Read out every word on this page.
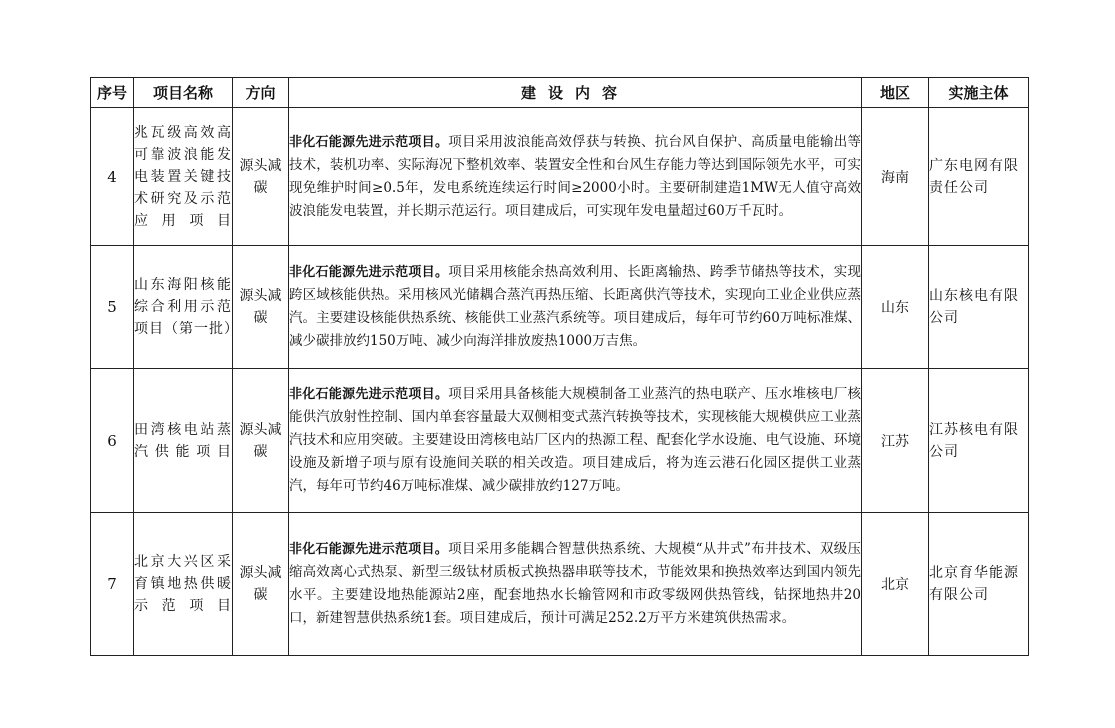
序号	项目名称	方向	建设内容	地区	实施主体
4	兆瓦级高效高可靠波浪能发电装置关键技术研究及示范应用项目	源头减碳	非化石能源先进示范项目。项目采用波浪能高效俘获与转换、抗台风自保护、高质量电能输出等技术，装机功率、实际海况下整机效率、装置安全性和台风生存能力等达到国际领先水平，可实现免维护时间≥0.5年，发电系统连续运行时间≥2000小时。主要研制建造1MW无人值守高效波浪能发电装置，并长期示范运行。项目建成后，可实现年发电量超过60万千瓦时。	海南	广东电网有限责任公司
5	山东海阳核能综合利用示范项目（第一批）	源头减碳	非化石能源先进示范项目。项目采用核能余热高效利用、长距离输热、跨季节储热等技术，实现跨区域核能供热。采用核风光储耦合蒸汽再热压缩、长距离供汽等技术，实现向工业企业供应蒸汽。主要建设核能供热系统、核能供工业蒸汽系统等。项目建成后，每年可节约60万吨标准煤、减少碳排放约150万吨、减少向海洋排放废热1000万吉焦。	山东	山东核电有限公司
6	田湾核电站蒸汽供能项目	源头减碳	非化石能源先进示范项目。项目采用具备核能大规模制备工业蒸汽的热电联产、压水堆核电厂核能供汽放射性控制、国内单套容量最大双侧相变式蒸汽转换等技术，实现核能大规模供应工业蒸汽技术和应用突破。主要建设田湾核电站厂区内的热源工程、配套化学水设施、电气设施、环境设施及新增子项与原有设施间关联的相关改造。项目建成后，将为连云港石化园区提供工业蒸汽，每年可节约46万吨标准煤、减少碳排放约127万吨。	江苏	江苏核电有限公司
7	北京大兴区采育镇地热供暖示范项目	源头减碳	非化石能源先进示范项目。项目采用多能耦合智慧供热系统、大规模“从井式”布井技术、双级压缩高效离心式热泵、新型三级钛材质板式换热器串联等技术，节能效果和换热效率达到国内领先水平。主要建设地热能源站2座，配套地热水长输管网和市政零级网供热管线，钻探地热井20口，新建智慧供热系统1套。项目建成后，预计可满足252.2万平方米建筑供热需求。	北京	北京育华能源有限公司
